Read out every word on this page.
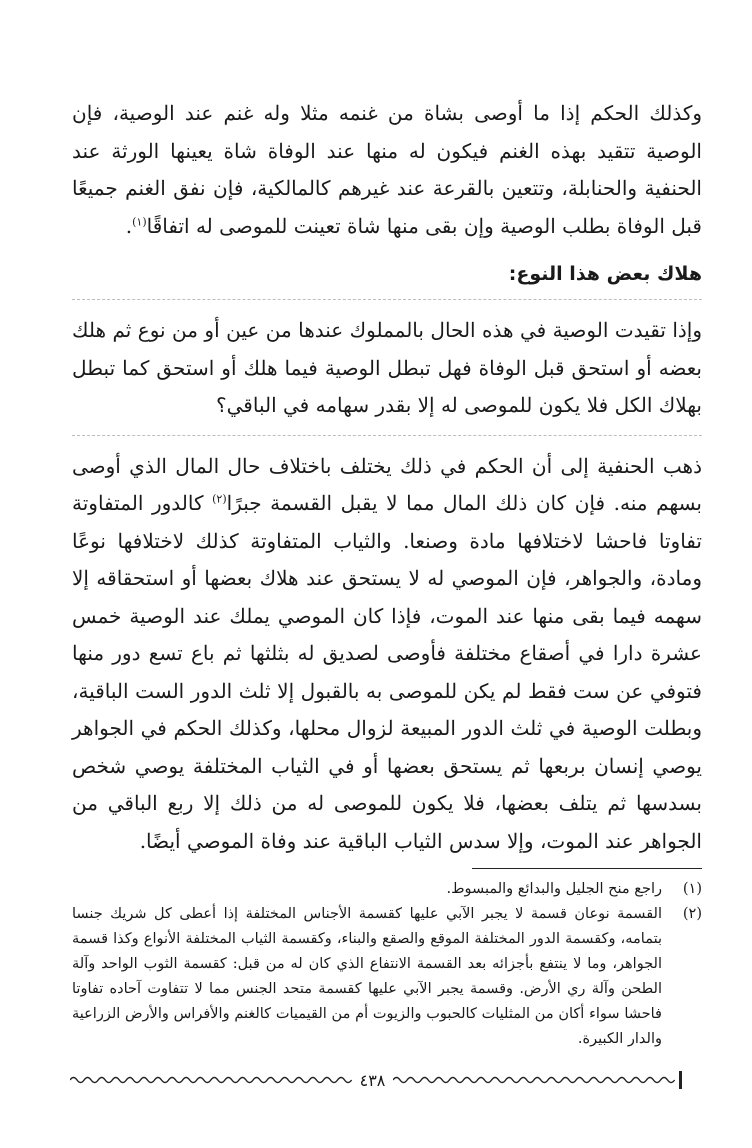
وكذلك الحكم إذا ما أوصى بشاة من غنمه مثلا وله غنم عند الوصية، فإن الوصية تتقيد بهذه الغنم فيكون له منها عند الوفاة شاة يعينها الورثة عند الحنفية والحنابلة، وتتعين بالقرعة عند غيرهم كالمالكية، فإن نفق الغنم جميعًا قبل الوفاة بطلب الوصية وإن بقى منها شاة تعينت للموصى له اتفاقًا$^{(١)}$.

هلاك بعض هذا النوع:

وإذا تقيدت الوصية في هذه الحال بالمملوك عندها من عين أو من نوع ثم هلك بعضه أو استحق قبل الوفاة فهل تبطل الوصية فيما هلك أو استحق كما تبطل بهلاك الكل فلا يكون للموصى له إلا بقدر سهامه في الباقي؟

ذهب الحنفية إلى أن الحكم في ذلك يختلف باختلاف حال المال الذي أوصى بسهم منه. فإن كان ذلك المال مما لا يقبل القسمة جبرًا$^{(٢)}$ كالدور المتفاوتة تفاوتا فاحشا لاختلافها مادة وصنعا. والثياب المتفاوتة كذلك لاختلافها نوعًا ومادة، والجواهر، فإن الموصي له لا يستحق عند هلاك بعضها أو استحقاقه إلا سهمه فيما بقى منها عند الموت، فإذا كان الموصي يملك عند الوصية خمس عشرة دارا في أصقاع مختلفة فأوصى لصديق له بثلثها ثم باع تسع دور منها فتوفي عن ست فقط لم يكن للموصى به بالقبول إلا ثلث الدور الست الباقية، وبطلت الوصية في ثلث الدور المبيعة لزوال محلها، وكذلك الحكم في الجواهر يوصي إنسان بربعها ثم يستحق بعضها أو في الثياب المختلفة يوصي شخص بسدسها ثم يتلف بعضها، فلا يكون للموصى له من ذلك إلا ربع الباقي من الجواهر عند الموت، وإلا سدس الثياب الباقية عند وفاة الموصي أيضًا.

(١)
راجع منح الجليل والبدائع والمبسوط.
(٢)
القسمة نوعان قسمة لا يجبر الآبي عليها كقسمة الأجناس المختلفة إذا أعطى كل شريك جنسا بتمامه، وكقسمة الدور المختلفة الموقع والصقع والبناء، وكقسمة الثياب المختلفة الأنواع وكذا قسمة الجواهر، وما لا ينتفع بأجزائه بعد القسمة الانتفاع الذي كان له من قبل: كقسمة الثوب الواحد وآلة الطحن وآلة ري الأرض. وقسمة يجبر الآبي عليها كقسمة متحد الجنس مما لا تتفاوت آحاده تفاوتا فاحشا سواء أكان من المثليات كالحبوب والزيوت أم من القيميات كالغنم والأفراس والأرض الزراعية والدار الكبيرة.
٤٣٨
